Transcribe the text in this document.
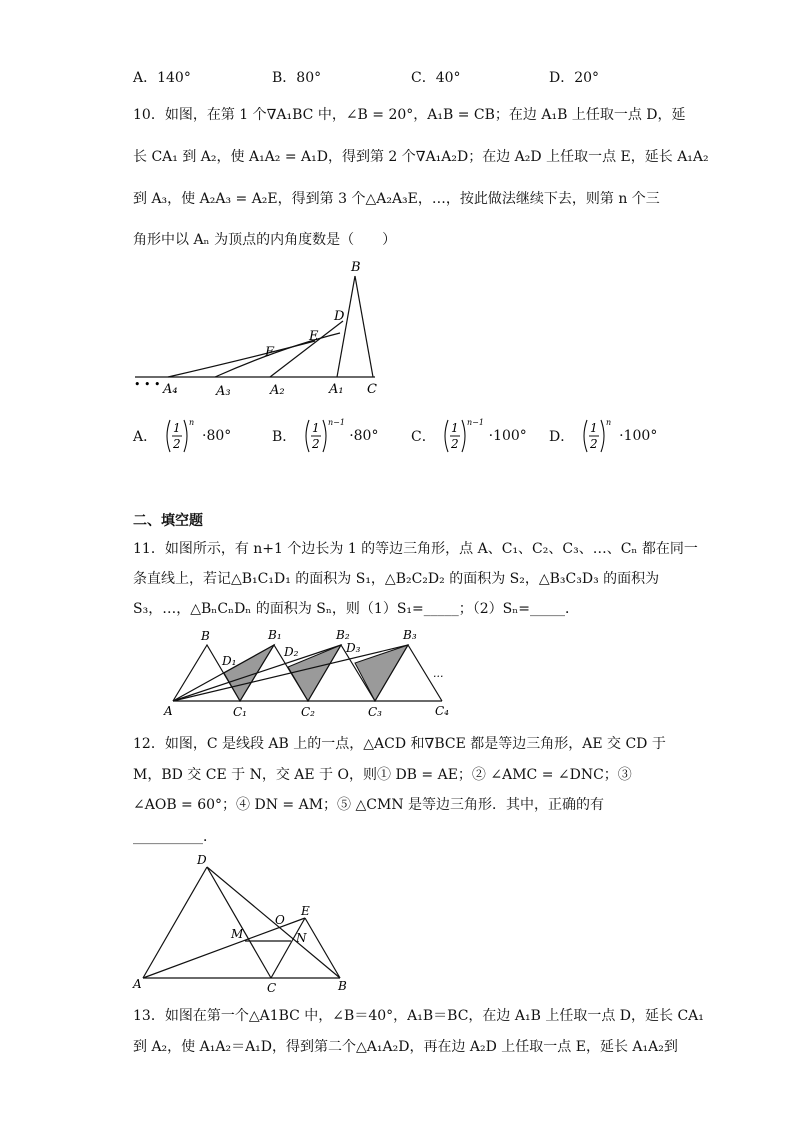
A．140°	B．80°	C．40°	D．20°
10．如图，在第 1 个∇A₁BC 中，∠B = 20°，A₁B = CB；在边 A₁B 上任取一点 D，延
长 CA₁ 到 A₂，使 A₁A₂ = A₁D，得到第 2 个∇A₁A₂D；在边 A₂D 上任取一点 E，延长 A₁A₂
到 A₃，使 A₂A₃ = A₂E，得到第 3 个△A₂A₃E，…，按此做法继续下去，则第 n 个三
角形中以 Aₙ 为顶点的内角度数是（　　）
B
D
E
F
• • • A₄	A₃	A₂	A₁ C
A．
1
2
n
·80°	B．
1
2
n−1
·80° C．
1
2
n−1
·100° D．
1
2
n
·100°
二、填空题
11．如图所示，有 n+1 个边长为 1 的等边三角形，点 A、C₁、C₂、C₃、…、Cₙ 都在同一
条直线上，若记△B₁C₁D₁ 的面积为 S₁，△B₂C₂D₂ 的面积为 S₂，△B₃C₃D₃ 的面积为
S₃，…，△BₙCₙDₙ 的面积为 Sₙ，则（1）S₁=_____；（2）Sₙ=_____．
B	B₁	B₂	B₃
D₁
D₂	D₃
A	C₁	C₂	C₃	C₄
...
12．如图，C 是线段 AB 上的一点，△ACD 和∇BCE 都是等边三角形，AE 交 CD 于
M，BD 交 CE 于 N，交 AE 于 O，则① DB = AE；② ∠AMC = ∠DNC；③
∠AOB = 60°；④ DN = AM；⑤ △CMN 是等边三角形．其中，正确的有
__________．
D
E
O
M	N
A	C	B
13．如图在第一个△A1BC 中，∠B＝40°，A₁B＝BC，在边 A₁B 上任取一点 D，延长 CA₁
到 A₂，使 A₁A₂＝A₁D，得到第二个△A₁A₂D，再在边 A₂D 上任取一点 E，延长 A₁A₂到
